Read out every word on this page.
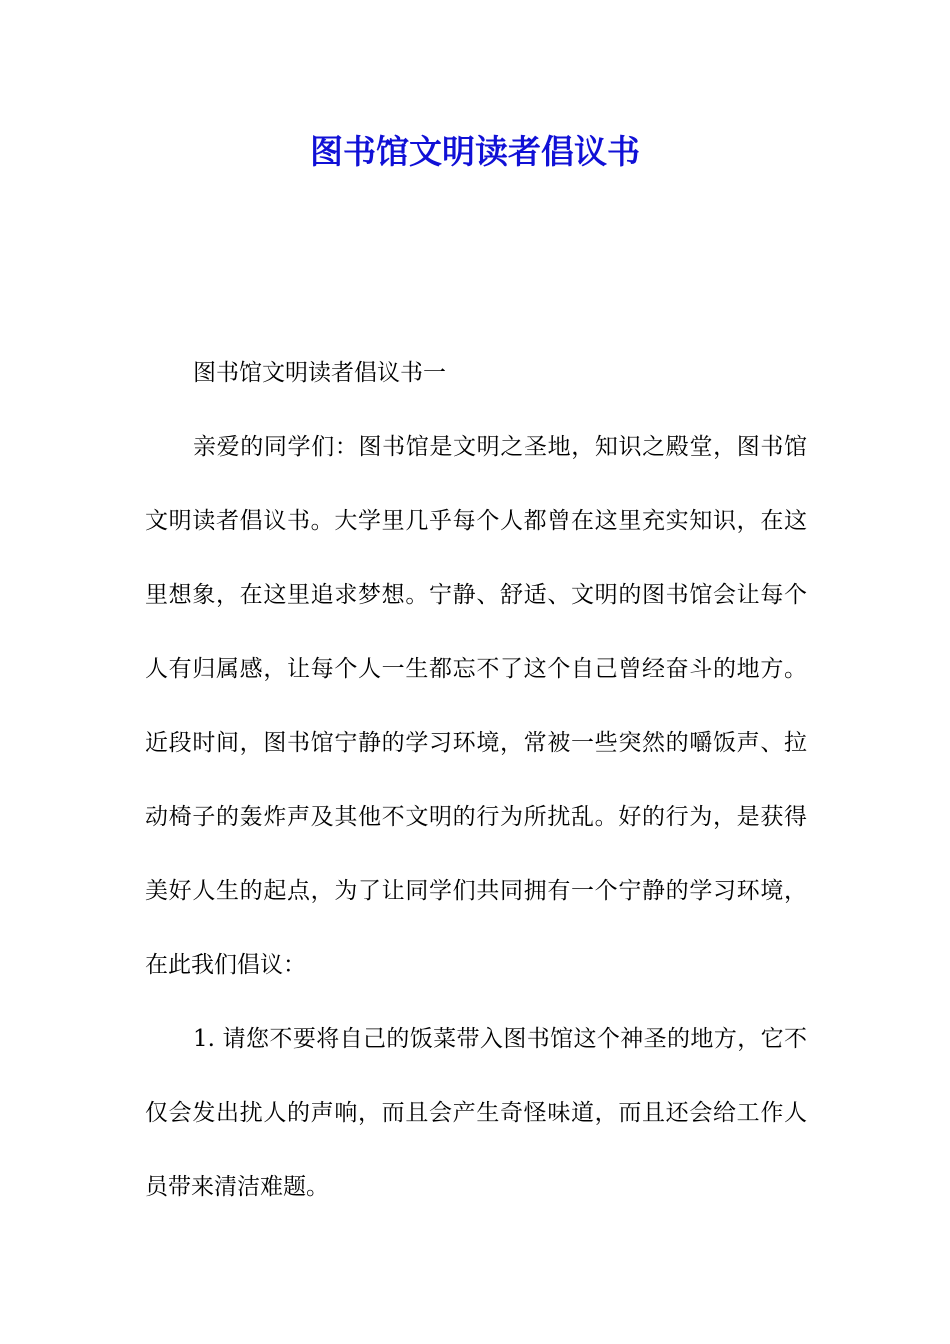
图书馆文明读者倡议书

图书馆文明读者倡议书一

亲爱的同学们：图书馆是文明之圣地，知识之殿堂，图书馆文明读者倡议书。大学里几乎每个人都曾在这里充实知识，在这里想象，在这里追求梦想。宁静、舒适、文明的图书馆会让每个人有归属感，让每个人一生都忘不了这个自己曾经奋斗的地方。近段时间，图书馆宁静的学习环境，常被一些突然的嚼饭声、拉动椅子的轰炸声及其他不文明的行为所扰乱。好的行为，是获得美好人生的起点，为了让同学们共同拥有一个宁静的学习环境，在此我们倡议：

1. 请您不要将自己的饭菜带入图书馆这个神圣的地方，它不仅会发出扰人的声响，而且会产生奇怪味道，而且还会给工作人员带来清洁难题。
